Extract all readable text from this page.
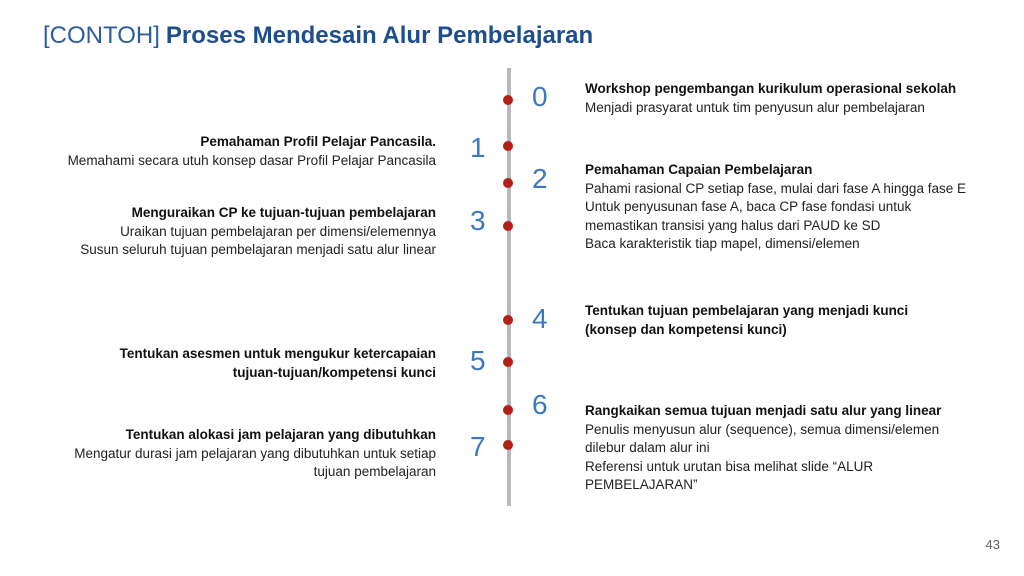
[CONTOH] Proses Mendesain Alur Pembelajaran
0	Workshop pengembangan kurikulum operasional sekolah
Menjadi prasyarat untuk tim penyusun alur pembelajaran
1
Pemahaman Profil Pelajar Pancasila.
Memahami secara utuh konsep dasar Profil Pelajar Pancasila
2	Pemahaman Capaian Pembelajaran
Pahami rasional CP setiap fase, mulai dari fase A hingga fase E
Untuk penyusunan fase A, baca CP fase fondasi untuk
memastikan transisi yang halus dari PAUD ke SD
Baca karakteristik tiap mapel, dimensi/elemen
3
Menguraikan CP ke tujuan-tujuan pembelajaran
Uraikan tujuan pembelajaran per dimensi/elemennya
Susun seluruh tujuan pembelajaran menjadi satu alur linear
4	Tentukan tujuan pembelajaran yang menjadi kunci
(konsep dan kompetensi kunci)
5
Tentukan asesmen untuk mengukur ketercapaian
tujuan-tujuan/kompetensi kunci
6	Rangkaikan semua tujuan menjadi satu alur yang linear
Penulis menyusun alur (sequence), semua dimensi/elemen
dilebur dalam alur ini
Referensi untuk urutan bisa melihat slide “ALUR
PEMBELAJARAN”
7
Tentukan alokasi jam pelajaran yang dibutuhkan
Mengatur durasi jam pelajaran yang dibutuhkan untuk setiap
tujuan pembelajaran
43
